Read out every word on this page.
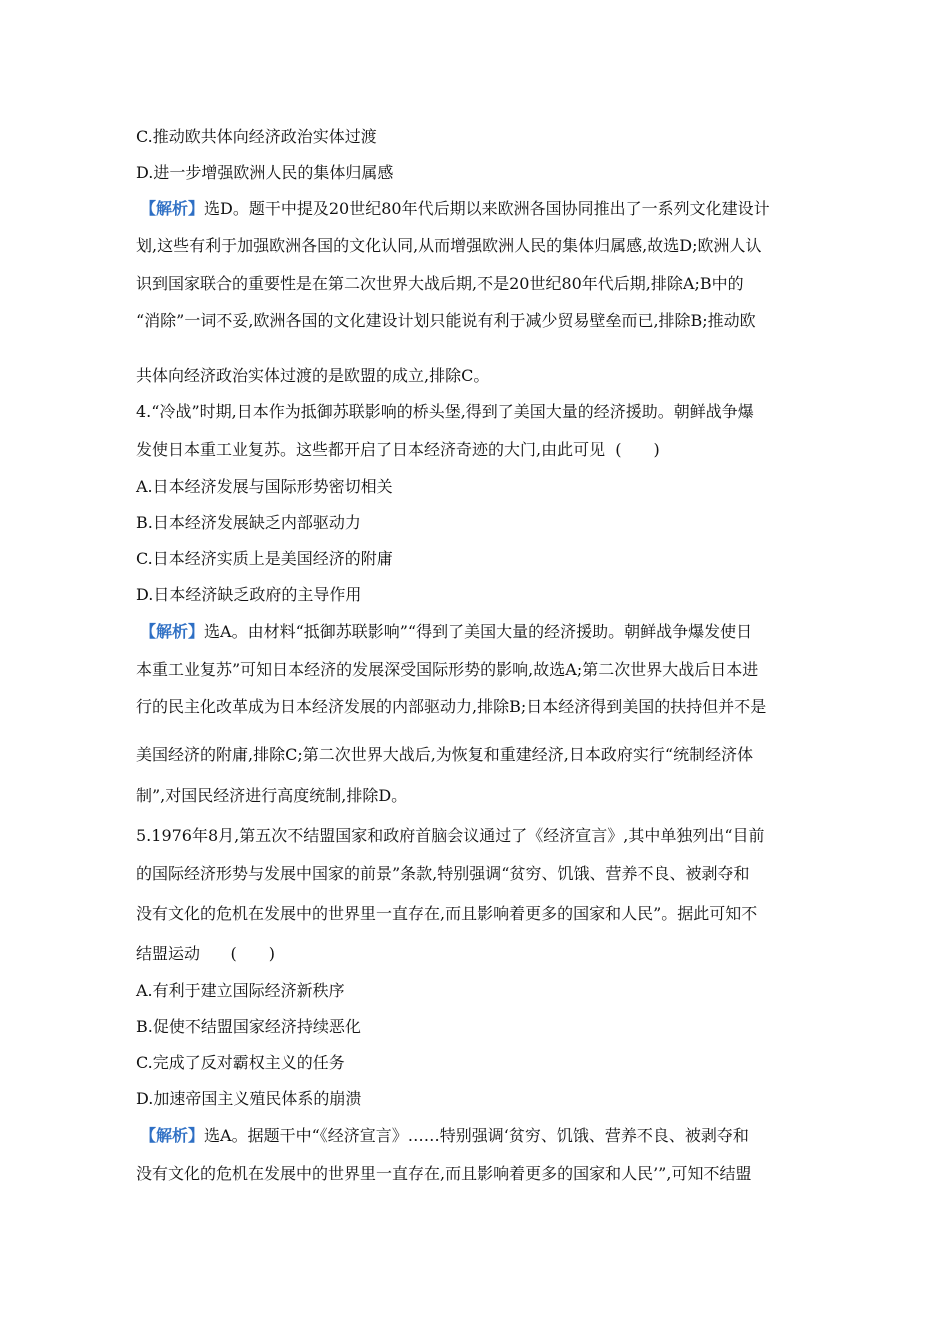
C.推动欧共体向经济政治实体过渡
D.进一步增强欧洲人民的集体归属感
【解析】选D。题干中提及20世纪80年代后期以来欧洲各国协同推出了一系列文化建设计
划,这些有利于加强欧洲各国的文化认同,从而增强欧洲人民的集体归属感,故选D;欧洲人认
识到国家联合的重要性是在第二次世界大战后期,不是20世纪80年代后期,排除A;B中的
“消除”一词不妥,欧洲各国的文化建设计划只能说有利于减少贸易壁垒而已,排除B;推动欧
共体向经济政治实体过渡的是欧盟的成立,排除C。
4.“冷战”时期,日本作为抵御苏联影响的桥头堡,得到了美国大量的经济援助。朝鲜战争爆
发使日本重工业复苏。这些都开启了日本经济奇迹的大门,由此可见 (　　)
A.日本经济发展与国际形势密切相关
B.日本经济发展缺乏内部驱动力
C.日本经济实质上是美国经济的附庸
D.日本经济缺乏政府的主导作用
【解析】选A。由材料“抵御苏联影响”“得到了美国大量的经济援助。朝鲜战争爆发使日
本重工业复苏”可知日本经济的发展深受国际形势的影响,故选A;第二次世界大战后日本进
行的民主化改革成为日本经济发展的内部驱动力,排除B;日本经济得到美国的扶持但并不是
美国经济的附庸,排除C;第二次世界大战后,为恢复和重建经济,日本政府实行“统制经济体
制”,对国民经济进行高度统制,排除D。
5.1976年8月,第五次不结盟国家和政府首脑会议通过了《经济宣言》,其中单独列出“目前
的国际经济形势与发展中国家的前景”条款,特别强调“贫穷、饥饿、营养不良、被剥夺和
没有文化的危机在发展中的世界里一直存在,而且影响着更多的国家和人民”。据此可知不
结盟运动 (　　)
A.有利于建立国际经济新秩序
B.促使不结盟国家经济持续恶化
C.完成了反对霸权主义的任务
D.加速帝国主义殖民体系的崩溃
【解析】选A。据题干中“《经济宣言》……特别强调‘贫穷、饥饿、营养不良、被剥夺和
没有文化的危机在发展中的世界里一直存在,而且影响着更多的国家和人民’”,可知不结盟
